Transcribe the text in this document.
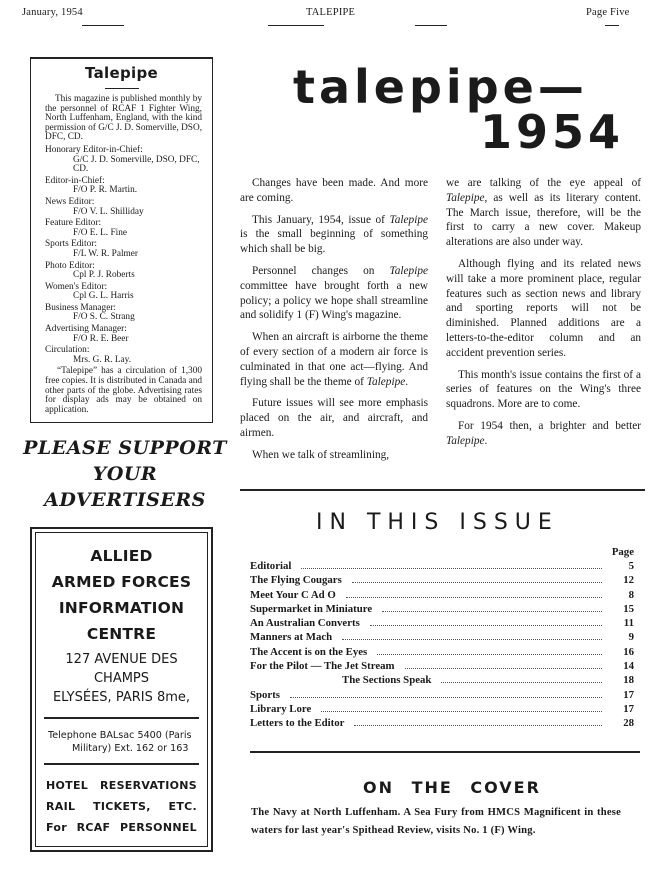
January, 1954	TALEPIPE	Page Five
Talepipe
This magazine is published monthly by the personnel of RCAF 1 Fighter Wing, North Luffenham, England, with the kind permission of G/C J. D. Somerville, DSO, DFC, CD.
Honorary Editor-in-Chief:
G/C J. D. Somerville, DSO, DFC, CD.
Editor-in-Chief:
F/O P. R. Martin.
News Editor:
F/O V. L. Shilliday
Feature Editor:
F/O E. L. Fine
Sports Editor:
F/L W. R. Palmer
Photo Editor:
Cpl P. J. Roberts
Women's Editor:
Cpl G. L. Harris
Business Manager:
F/O S. C. Strang
Advertising Manager:
F/O R. E. Beer
Circulation:
Mrs. G. R. Lay.
“Talepipe” has a circulation of 1,300 free copies. It is distributed in Canada and other parts of the globe. Advertising rates for display ads may be obtained on application.
PLEASE SUPPORT
YOUR
ADVERTISERS
ALLIED
ARMED FORCES
INFORMATION
CENTRE
127 AVENUE DES CHAMPS
ELYSÉES, PARIS 8me,
Telephone BALsac 5400 (Paris
Military) Ext. 162 or 163
HOTEL RESERVATIONS
RAIL TICKETS, ETC.
For RCAF PERSONNEL
talepipe—
1954

Changes have been made. And more are coming.

This January, 1954, issue of Talepipe is the small beginning of something which shall be big.

Personnel changes on Talepipe committee have brought forth a new policy; a policy we hope shall streamline and solidify 1 (F) Wing's magazine.

When an aircraft is airborne the theme of every section of a modern air force is culminated in that one act—flying. And flying shall be the theme of Talepipe.

Future issues will see more emphasis placed on the air, and aircraft, and airmen.

When we talk of streamlining,

we are talking of the eye appeal of Talepipe, as well as its literary content. The March issue, therefore, will be the first to carry a new cover. Makeup alterations are also under way.

Although flying and its related news will take a more prominent place, regular features such as section news and library and sporting reports will not be diminished. Planned additions are a letters-to-the-editor column and an accident prevention series.

This month's issue contains the first of a series of features on the Wing's three squadrons. More are to come.

For 1954 then, a brighter and better Talepipe.

IN THIS ISSUE
Page
Editorial	5
The Flying Cougars	12
Meet Your C Ad O	8
Supermarket in Miniature	15
An Australian Converts	11
Manners at Mach	9
The Accent is on the Eyes	16
For the Pilot — The Jet Stream	14
The Sections Speak	18
Sports	17
Library Lore	17
Letters to the Editor	28
ON THE COVER
The Navy at North Luffenham. A Sea Fury from HMCS Magnificent in these waters for last year's Spithead Review, visits No. 1 (F) Wing.
